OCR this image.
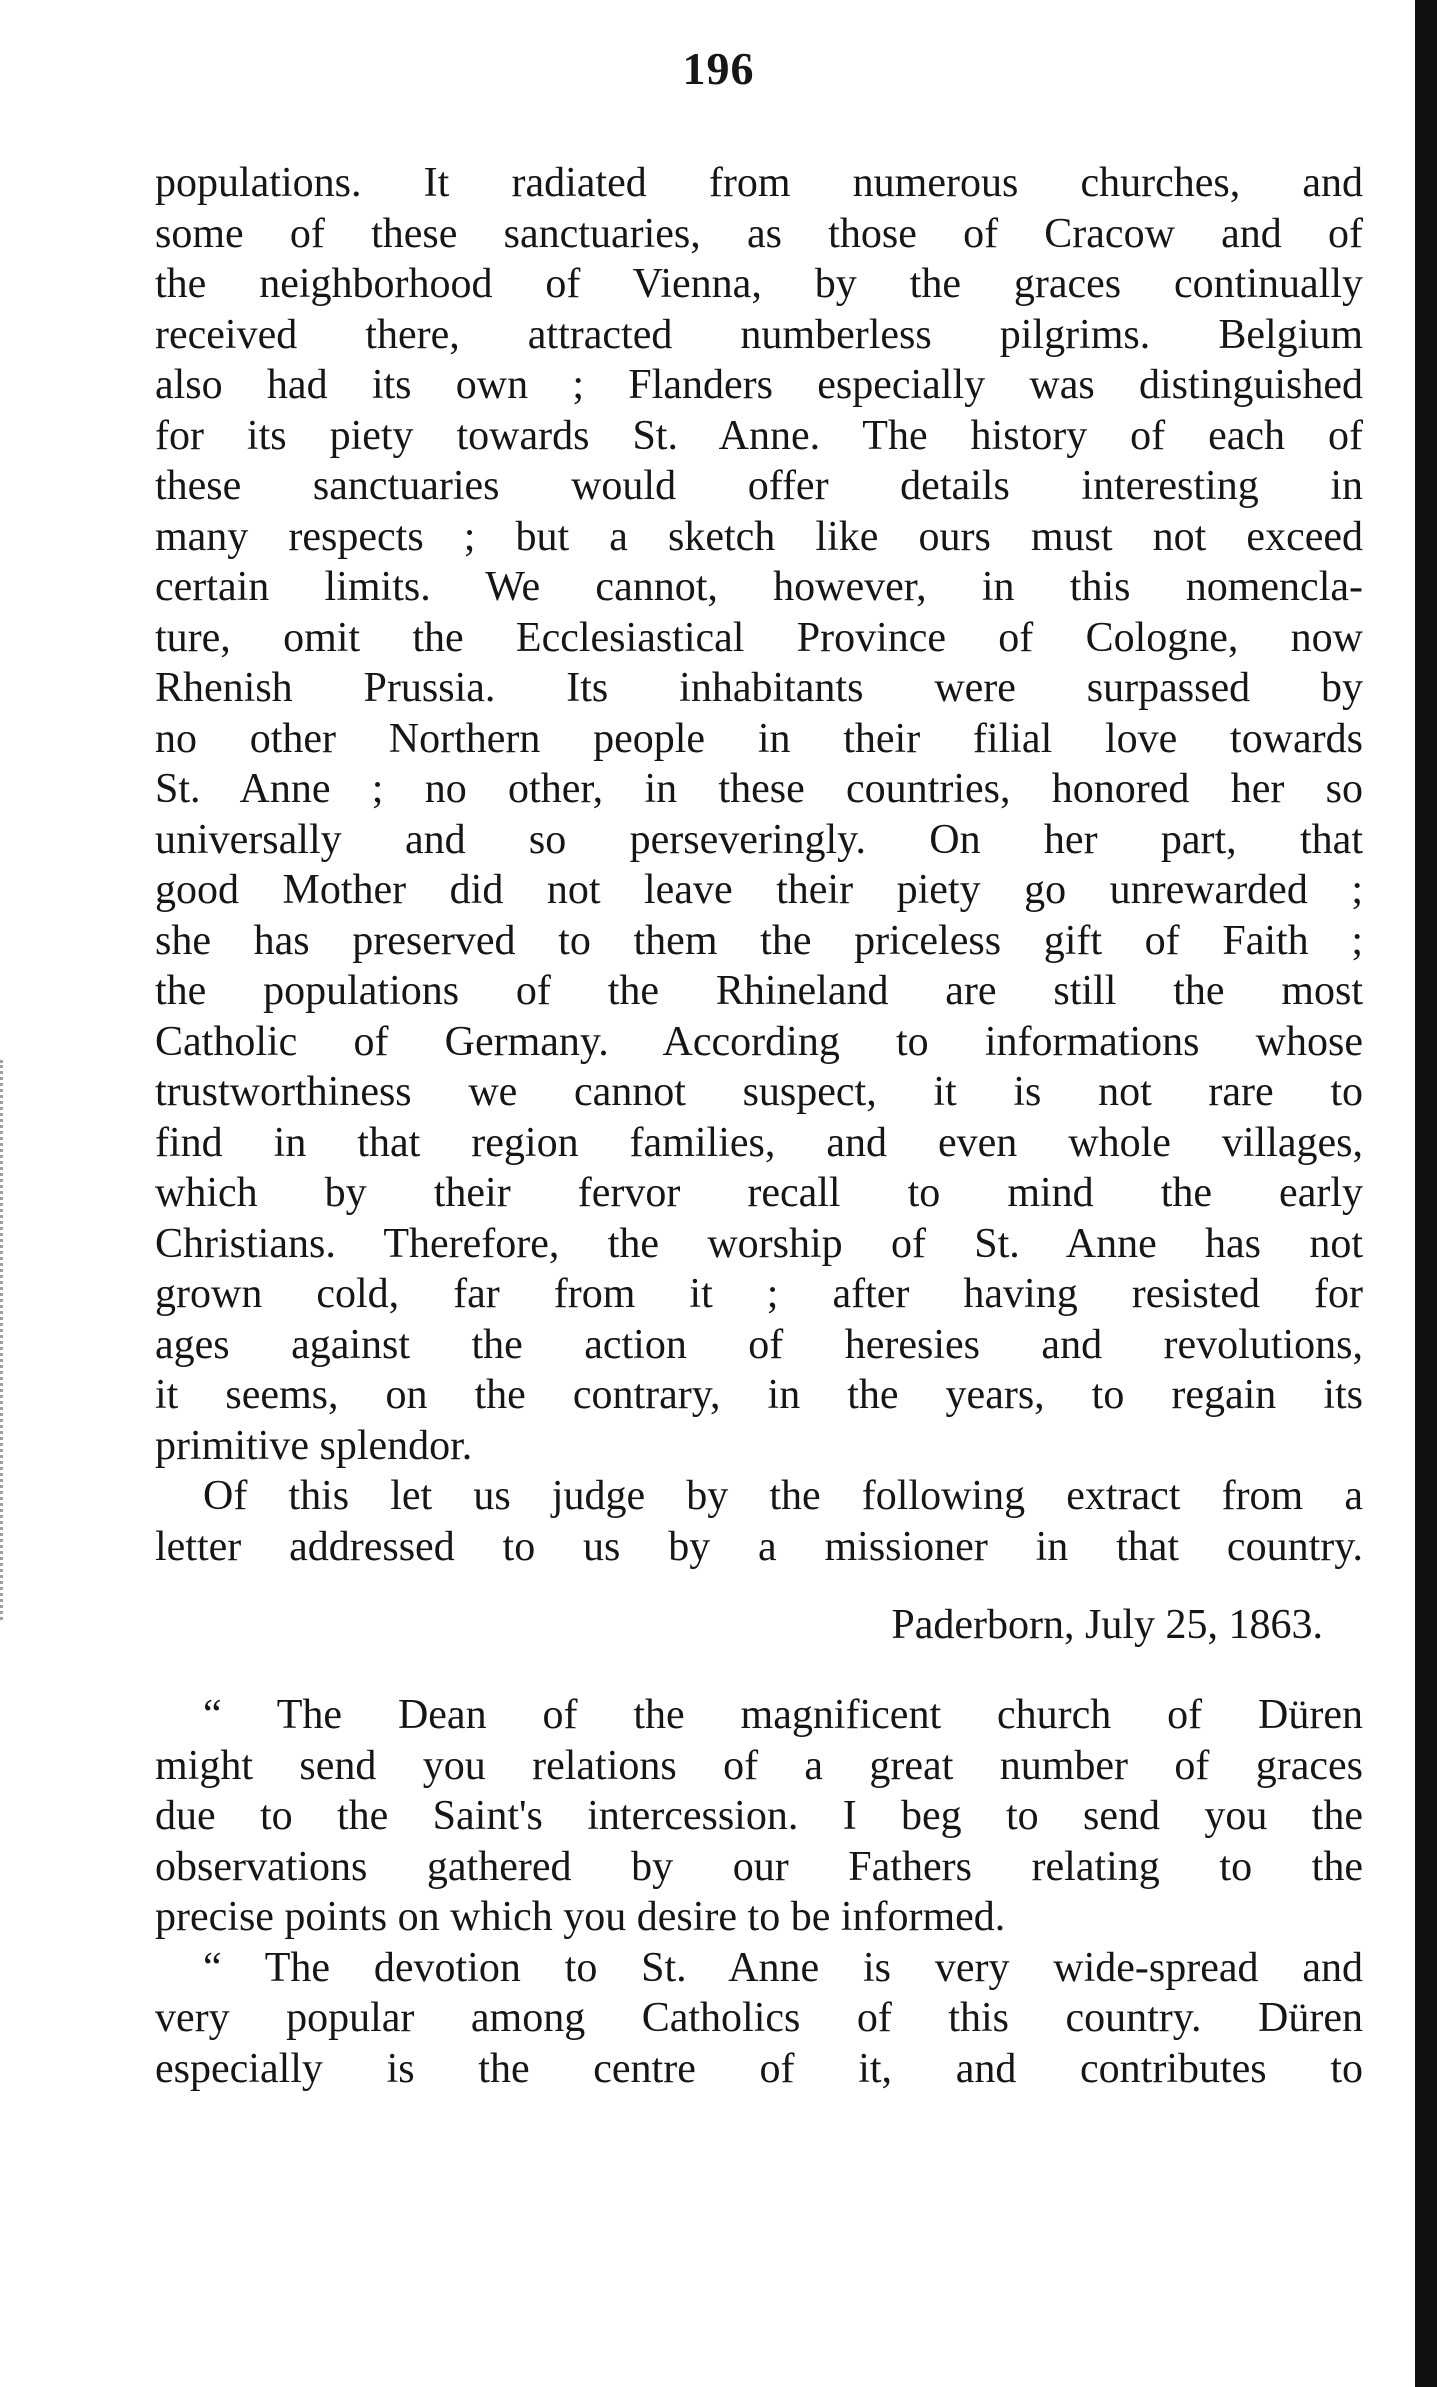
196
populations. It radiated from numerous churches, and
some of these sanctuaries, as those of Cracow and of
the neighborhood of Vienna, by the graces continually
received there, attracted numberless pilgrims. Belgium
also had its own ; Flanders especially was distinguished
for its piety towards St. Anne. The history of each of
these sanctuaries would offer details interesting in
many respects ; but a sketch like ours must not exceed
certain limits. We cannot, however, in this nomencla-
ture, omit the Ecclesiastical Province of Cologne, now
Rhenish Prussia. Its inhabitants were surpassed by
no other Northern people in their filial love towards
St. Anne ; no other, in these countries, honored her so
universally and so perseveringly. On her part, that
good Mother did not leave their piety go unrewarded ;
she has preserved to them the priceless gift of Faith ;
the populations of the Rhineland are still the most
Catholic of Germany. According to informations whose
trustworthiness we cannot suspect, it is not rare to
find in that region families, and even whole villages,
which by their fervor recall to mind the early
Christians. Therefore, the worship of St. Anne has not
grown cold, far from it ; after having resisted for
ages against the action of heresies and revolutions,
it seems, on the contrary, in the years, to regain its
primitive splendor.
Of this let us judge by the following extract from a
letter addressed to us by a missioner in that country.
Paderborn, July 25, 1863.
“ The Dean of the magnificent church of Düren
might send you relations of a great number of graces
due to the Saint's intercession. I beg to send you the
observations gathered by our Fathers relating to the
precise points on which you desire to be informed.
“ The devotion to St. Anne is very wide-spread and
very popular among Catholics of this country. Düren
especially is the centre of it, and contributes to
